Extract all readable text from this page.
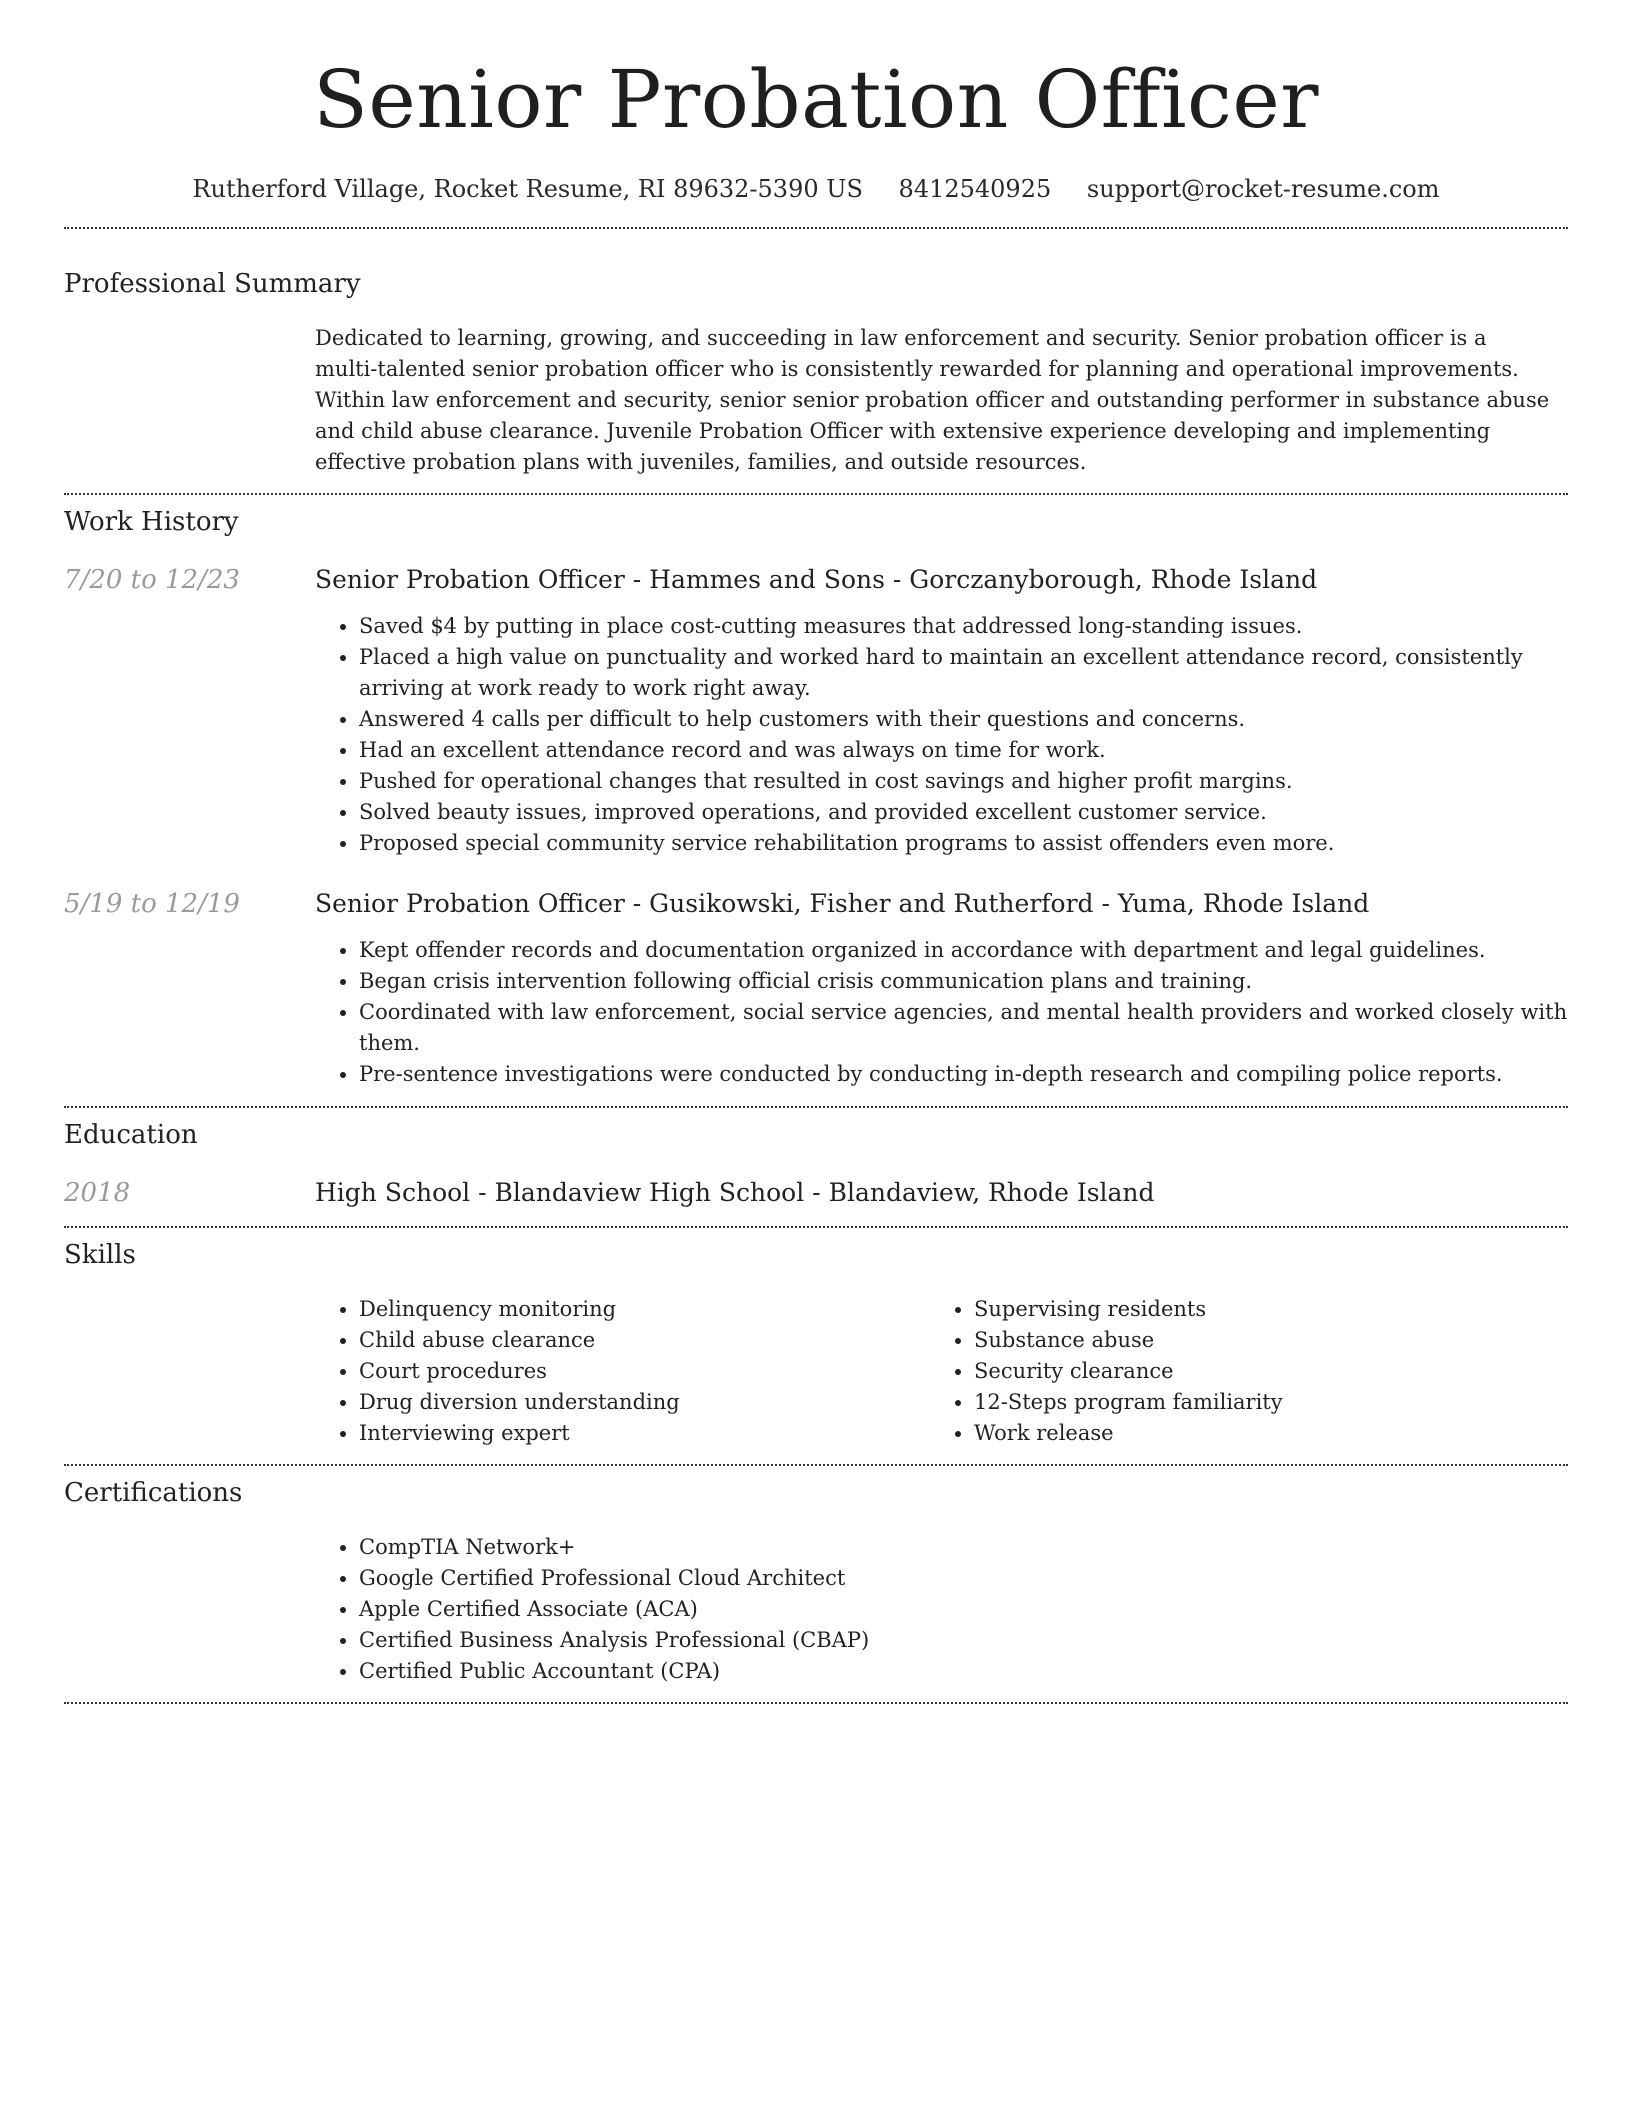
Senior Probation Officer
Rutherford Village, Rocket Resume, RI 89632-5390 US 8412540925 support@rocket-resume.com
Professional Summary
Dedicated to learning, growing, and succeeding in law enforcement and security. Senior probation officer is a multi-talented senior probation officer who is consistently rewarded for planning and operational improvements. Within law enforcement and security, senior senior probation officer and outstanding performer in substance abuse and child abuse clearance. Juvenile Probation Officer with extensive experience developing and implementing effective probation plans with juveniles, families, and outside resources.
Work History
7/20 to 12/23	Senior Probation Officer - Hammes and Sons - Gorczanyborough, Rhode Island
• Saved $4 by putting in place cost-cutting measures that addressed long-standing issues.
• Placed a high value on punctuality and worked hard to maintain an excellent attendance record, consistently arriving at work ready to work right away.
• Answered 4 calls per difficult to help customers with their questions and concerns.
• Had an excellent attendance record and was always on time for work.
• Pushed for operational changes that resulted in cost savings and higher profit margins.
• Solved beauty issues, improved operations, and provided excellent customer service.
• Proposed special community service rehabilitation programs to assist offenders even more.
5/19 to 12/19	Senior Probation Officer - Gusikowski, Fisher and Rutherford - Yuma, Rhode Island
• Kept offender records and documentation organized in accordance with department and legal guidelines.
• Began crisis intervention following official crisis communication plans and training.
• Coordinated with law enforcement, social service agencies, and mental health providers and worked closely with them.
• Pre-sentence investigations were conducted by conducting in-depth research and compiling police reports.
Education
2018	High School - Blandaview High School - Blandaview, Rhode Island
Skills
• Delinquency monitoring
• Child abuse clearance
• Court procedures
• Drug diversion understanding
• Interviewing expert
• Supervising residents
• Substance abuse
• Security clearance
• 12-Steps program familiarity
• Work release
Certifications
• CompTIA Network+
• Google Certified Professional Cloud Architect
• Apple Certified Associate (ACA)
• Certified Business Analysis Professional (CBAP)
• Certified Public Accountant (CPA)
